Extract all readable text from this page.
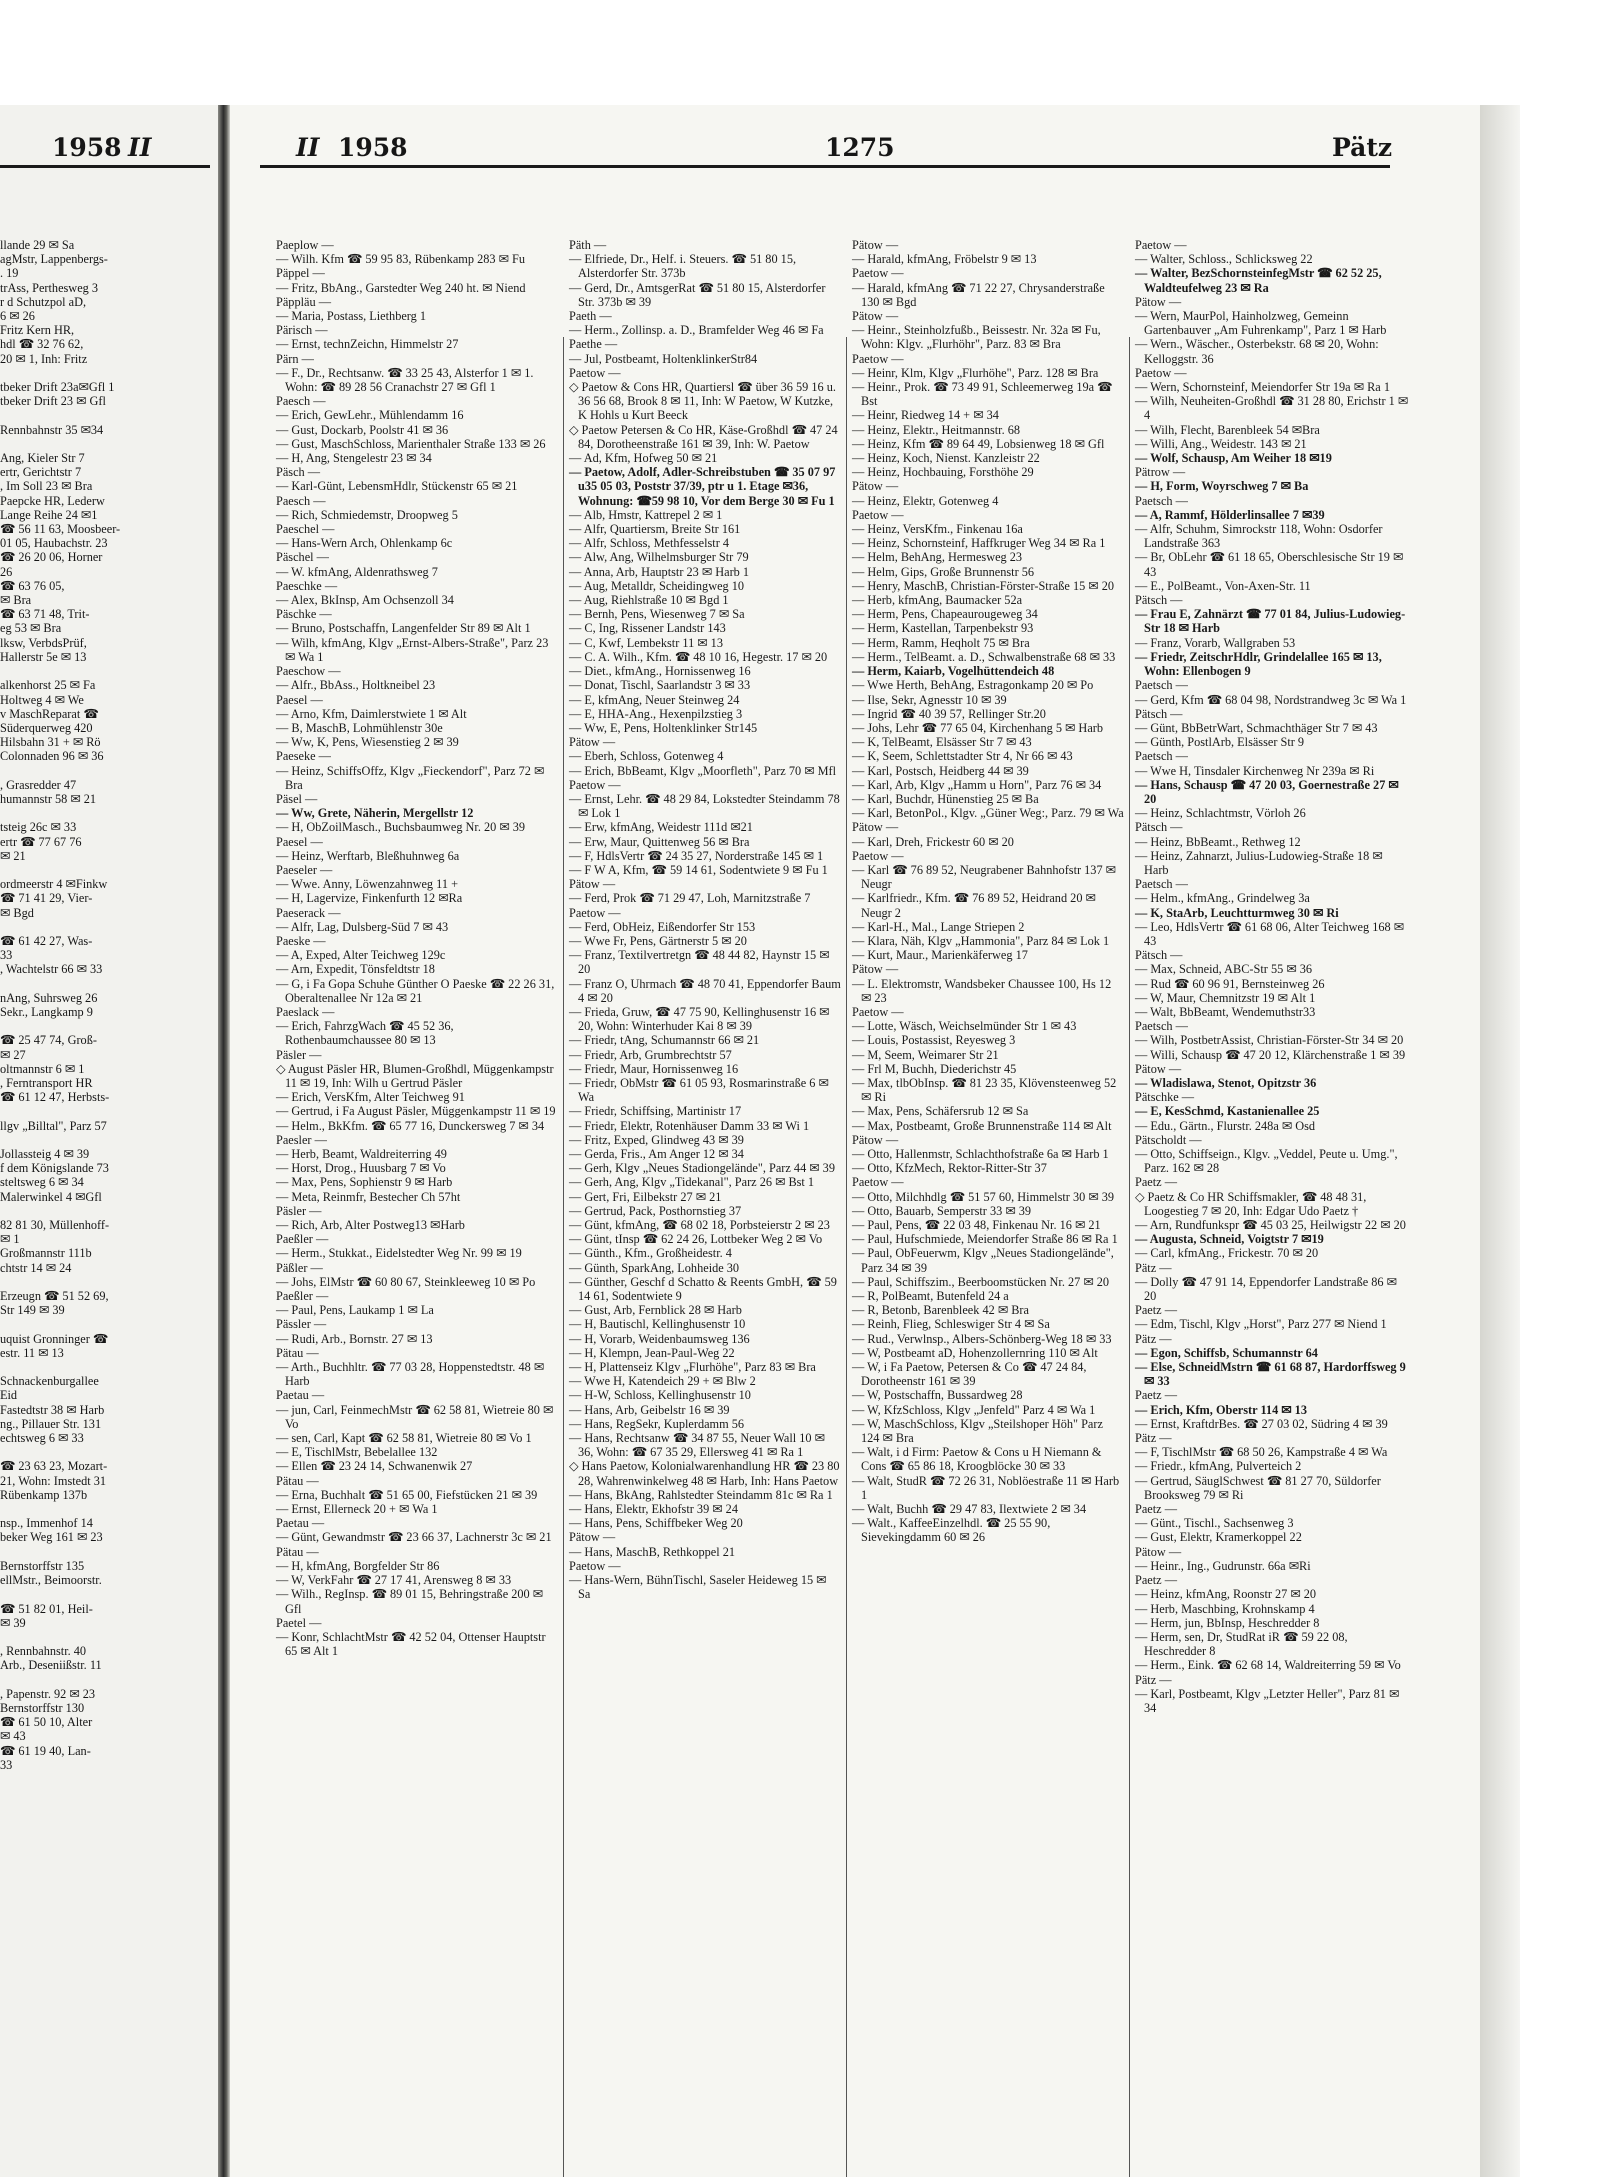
1958 II
llande 29 ✉ Sa
agMstr, Lappenbergs-
. 19
trAss, Perthesweg 3
r d Schutzpol aD,
6 ✉ 26
Fritz Kern HR,
hdl ☎ 32 76 62,
20 ✉ 1, Inh: Fritz

tbeker Drift 23a✉Gfl 1
tbeker Drift 23 ✉ Gfl

Rennbahnstr 35 ✉34

Ang, Kieler Str 7
ertr, Gerichtstr 7
, Im Soll 23 ✉ Bra
Paepcke HR, Lederw
Lange Reihe 24 ✉1
☎ 56 11 63, Moosbeer-
01 05, Haubachstr. 23
☎ 26 20 06, Horner
26
☎ 63 76 05,
✉ Bra
☎ 63 71 48, Trit-
eg 53 ✉ Bra
lksw, VerbdsPrüf,
Hallerstr 5e ✉ 13

alkenhorst 25 ✉ Fa
Holtweg 4 ✉ We
v MaschReparat ☎
Süderquerweg 420
Hilsbahn 31 + ✉ Rö
Colonnaden 96 ✉ 36

, Grasredder 47
humannstr 58 ✉ 21

tsteig 26c ✉ 33
ertr ☎ 77 67 76
✉ 21

ordmeerstr 4 ✉Finkw
☎ 71 41 29, Vier-
✉ Bgd

☎ 61 42 27, Was-
33
, Wachtelstr 66 ✉ 33

nAng, Suhrsweg 26
Sekr., Langkamp 9

☎ 25 47 74, Groß-
✉ 27
oltmannstr 6 ✉ 1
, Ferntransport HR
☎ 61 12 47, Herbsts-

llgv „Billtal", Parz 57

Jollassteig 4 ✉ 39
f dem Königslande 73
steltsweg 6 ✉ 34
Malerwinkel 4 ✉Gfl

82 81 30, Müllenhoff-
✉ 1
Großmannstr 111b
chtstr 14 ✉ 24

Erzeugn ☎ 51 52 69,
Str 149 ✉ 39

uquist Gronninger ☎
estr. 11 ✉ 13

Schnackenburgallee
Eid
Fastedtstr 38 ✉ Harb
ng., Pillauer Str. 131
echtsweg 6 ✉ 33

☎ 23 63 23, Mozart-
21, Wohn: Imstedt 31
Rübenkamp 137b

nsp., Immenhof 14
beker Weg 161 ✉ 23

Bernstorffstr 135
ellMstr., Beimoorstr.

☎ 51 82 01, Heil-
✉ 39

, Rennbahnstr. 40
Arb., Deseniißstr. 11

, Papenstr. 92 ✉ 23
Bernstorffstr 130
☎ 61 50 10, Alter
✉ 43
☎ 61 19 40, Lan-
33
II 1958	1275	Pätz
Paeplow —
— Wilh. Kfm ☎ 59 95 83, Rübenkamp 283 ✉ Fu
Päppel —
— Fritz, BbAng., Garstedter Weg 240 ht. ✉ Niend
Päppläu —
— Maria, Postass, Liethberg 1
Pärisch —
— Ernst, technZeichn, Himmelstr 27
Pärn —
— F., Dr., Rechtsanw. ☎ 33 25 43, Alsterfor 1 ✉ 1. Wohn: ☎ 89 28 56 Cranachstr 27 ✉ Gfl 1
Paesch —
— Erich, GewLehr., Mühlendamm 16
— Gust, Dockarb, Poolstr 41 ✉ 36
— Gust, MaschSchloss, Marienthaler Straße 133 ✉ 26
— H, Ang, Stengelestr 23 ✉ 34
Päsch —
— Karl-Günt, LebensmHdlr, Stückenstr 65 ✉ 21
Paesch —
— Rich, Schmiedemstr, Droopweg 5
Paeschel —
— Hans-Wern Arch, Ohlenkamp 6c
Päschel —
— W. kfmAng, Aldenrathsweg 7
Paeschke —
— Alex, BkInsp, Am Ochsenzoll 34
Päschke —
— Bruno, Postschaffn, Langenfelder Str 89 ✉ Alt 1
— Wilh, kfmAng, Klgv „Ernst-Albers-Straße", Parz 23 ✉ Wa 1
Paeschow —
— Alfr., BbAss., Holtkneibel 23
Paesel —
— Arno, Kfm, Daimlerstwiete 1 ✉ Alt
— B, MaschB, Lohmühlenstr 30e
— Ww, K, Pens, Wiesenstieg 2 ✉ 39
Paeseke —
— Heinz, SchiffsOffz, Klgv „Fieckendorf", Parz 72 ✉ Bra
Päsel —
— Ww, Grete, Näherin, Mergellstr 12
— H, ObZoilMasch., Buchsbaumweg Nr. 20 ✉ 39
Paesel —
— Heinz, Werftarb, Bleßhuhnweg 6a
Paeseler —
— Wwe. Anny, Löwenzahnweg 11 +
— H, Lagervize, Finkenfurth 12 ✉Ra
Paeserack —
— Alfr, Lag, Dulsberg-Süd 7 ✉ 43
Paeske —
— A, Exped, Alter Teichweg 129c
— Arn, Expedit, Tönsfeldtstr 18
— G, i Fa Gopa Schuhe Günther O Paeske ☎ 22 26 31, Oberaltenallee Nr 12a ✉ 21
Paeslack —
— Erich, FahrzgWach ☎ 45 52 36, Rothenbaumchaussee 80 ✉ 13
Päsler —
◇ August Päsler HR, Blumen-Großhdl, Müggenkampstr 11 ✉ 19, Inh: Wilh u Gertrud Päsler
— Erich, VersKfm, Alter Teichweg 91
— Gertrud, i Fa August Päsler, Müggenkampstr 11 ✉ 19
— Helm., BkKfm. ☎ 65 77 16, Dunckersweg 7 ✉ 34
Paesler —
— Herb, Beamt, Waldreiterring 49
— Horst, Drog., Huusbarg 7 ✉ Vo
— Max, Pens, Sophienstr 9 ✉ Harb
— Meta, Reinmfr, Bestecher Ch 57ht
Päsler —
— Rich, Arb, Alter Postweg13 ✉Harb
Paeßler —
— Herm., Stukkat., Eidelstedter Weg Nr. 99 ✉ 19
Päßler —
— Johs, ElMstr ☎ 60 80 67, Steinkleeweg 10 ✉ Po
Paeßler —
— Paul, Pens, Laukamp 1 ✉ La
Pässler —
— Rudi, Arb., Bornstr. 27 ✉ 13
Pätau —
— Arth., Buchhltr. ☎ 77 03 28, Hoppenstedtstr. 48 ✉ Harb
Paetau —
— jun, Carl, FeinmechMstr ☎ 62 58 81, Wietreie 80 ✉ Vo
— sen, Carl, Kapt ☎ 62 58 81, Wietreie 80 ✉ Vo 1
— E, TischlMstr, Bebelallee 132
— Ellen ☎ 23 24 14, Schwanenwik 27
Pätau —
— Erna, Buchhalt ☎ 51 65 00, Fiefstücken 21 ✉ 39
— Ernst, Ellerneck 20 + ✉ Wa 1
Paetau —
— Günt, Gewandmstr ☎ 23 66 37, Lachnerstr 3c ✉ 21
Pätau —
— H, kfmAng, Borgfelder Str 86
— W, VerkFahr ☎ 27 17 41, Arensweg 8 ✉ 33
— Wilh., RegInsp. ☎ 89 01 15, Behringstraße 200 ✉ Gfl
Paetel —
— Konr, SchlachtMstr ☎ 42 52 04, Ottenser Hauptstr 65 ✉ Alt 1
Päth —
— Elfriede, Dr., Helf. i. Steuers. ☎ 51 80 15, Alsterdorfer Str. 373b
— Gerd, Dr., AmtsgerRat ☎ 51 80 15, Alsterdorfer Str. 373b ✉ 39
Paeth —
— Herm., Zollinsp. a. D., Bramfelder Weg 46 ✉ Fa
Paethe —
— Jul, Postbeamt, HoltenklinkerStr84
Paetow —
◇ Paetow & Cons HR, Quartiersl ☎ über 36 59 16 u. 36 56 68, Brook 8 ✉ 11, Inh: W Paetow, W Kutzke, K Hohls u Kurt Beeck
◇ Paetow Petersen & Co HR, Käse-Großhdl ☎ 47 24 84, Dorotheenstraße 161 ✉ 39, Inh: W. Paetow
— Ad, Kfm, Hofweg 50 ✉ 21
— Paetow, Adolf, Adler-Schreibstuben ☎ 35 07 97 u35 05 03, Poststr 37/39, ptr u 1. Etage ✉36, Wohnung: ☎59 98 10, Vor dem Berge 30 ✉ Fu 1
— Alb, Hmstr, Kattrepel 2 ✉ 1
— Alfr, Quartiersm, Breite Str 161
— Alfr, Schloss, Methfesselstr 4
— Alw, Ang, Wilhelmsburger Str 79
— Anna, Arb, Hauptstr 23 ✉ Harb 1
— Aug, Metalldr, Scheidingweg 10
— Aug, Riehlstraße 10 ✉ Bgd 1
— Bernh, Pens, Wiesenweg 7 ✉ Sa
— C, Ing, Rissener Landstr 143
— C, Kwf, Lembekstr 11 ✉ 13
— C. A. Wilh., Kfm. ☎ 48 10 16, Hegestr. 17 ✉ 20
— Diet., kfmAng., Hornissenweg 16
— Donat, Tischl, Saarlandstr 3 ✉ 33
— E, kfmAng, Neuer Steinweg 24
— E, HHA-Ang., Hexenpilzstieg 3
— Ww, E, Pens, Holtenklinker Str145
Pätow —
— Eberh, Schloss, Gotenweg 4
— Erich, BbBeamt, Klgv „Moorfleth", Parz 70 ✉ Mfl
Paetow —
— Ernst, Lehr. ☎ 48 29 84, Lokstedter Steindamm 78 ✉ Lok 1
— Erw, kfmAng, Weidestr 111d ✉21
— Erw, Maur, Quittenweg 56 ✉ Bra
— F, HdlsVertr ☎ 24 35 27, Norderstraße 145 ✉ 1
— F W A, Kfm, ☎ 59 14 61, Sodentwiete 9 ✉ Fu 1
Pätow —
— Ferd, Prok ☎ 71 29 47, Loh, Marnitzstraße 7
Paetow —
— Ferd, ObHeiz, Eißendorfer Str 153
— Wwe Fr, Pens, Gärtnerstr 5 ✉ 20
— Franz, Textilvertretgn ☎ 48 44 82, Haynstr 15 ✉ 20
— Franz O, Uhrmach ☎ 48 70 41, Eppendorfer Baum 4 ✉ 20
— Frieda, Gruw, ☎ 47 75 90, Kellinghusenstr 16 ✉ 20, Wohn: Winterhuder Kai 8 ✉ 39
— Friedr, tAng, Schumannstr 66 ✉ 21
— Friedr, Arb, Grumbrechtstr 57
— Friedr, Maur, Hornissenweg 16
— Friedr, ObMstr ☎ 61 05 93, Rosmarinstraße 6 ✉ Wa
— Friedr, Schiffsing, Martinistr 17
— Friedr, Elektr, Rotenhäuser Damm 33 ✉ Wi 1
— Fritz, Exped, Glindweg 43 ✉ 39
— Gerda, Fris., Am Anger 12 ✉ 34
— Gerh, Klgv „Neues Stadiongelände", Parz 44 ✉ 39
— Gerh, Ang, Klgv „Tidekanal", Parz 26 ✉ Bst 1
— Gert, Fri, Eilbekstr 27 ✉ 21
— Gertrud, Pack, Posthornstieg 37
— Günt, kfmAng, ☎ 68 02 18, Porbsteierstr 2 ✉ 23
— Günt, tInsp ☎ 62 24 26, Lottbeker Weg 2 ✉ Vo
— Günth., Kfm., Großheidestr. 4
— Günth, SparkAng, Lohheide 30
— Günther, Geschf d Schatto & Reents GmbH, ☎ 59 14 61, Sodentwiete 9
— Gust, Arb, Fernblick 28 ✉ Harb
— H, Bautischl, Kellinghusenstr 10
— H, Vorarb, Weidenbaumsweg 136
— H, Klempn, Jean-Paul-Weg 22
— H, Plattenseiz Klgv „Flurhöhe", Parz 83 ✉ Bra
— Wwe H, Katendeich 29 + ✉ Blw 2
— H-W, Schloss, Kellinghusenstr 10
— Hans, Arb, Geibelstr 16 ✉ 39
— Hans, RegSekr, Kuplerdamm 56
— Hans, Rechtsanw ☎ 34 87 55, Neuer Wall 10 ✉ 36, Wohn: ☎ 67 35 29, Ellersweg 41 ✉ Ra 1
◇ Hans Paetow, Kolonialwarenhandlung HR ☎ 23 80 28, Wahrenwinkelweg 48 ✉ Harb, Inh: Hans Paetow
— Hans, BkAng, Rahlstedter Steindamm 81c ✉ Ra 1
— Hans, Elektr, Ekhofstr 39 ✉ 24
— Hans, Pens, Schiffbeker Weg 20
Pätow —
— Hans, MaschB, Rethkoppel 21
Paetow —
— Hans-Wern, BühnTischl, Saseler Heideweg 15 ✉ Sa
Pätow —
— Harald, kfmAng, Fröbelstr 9 ✉ 13
Paetow —
— Harald, kfmAng ☎ 71 22 27, Chrysanderstraße 130 ✉ Bgd
Pätow —
— Heinr., Steinholzfußb., Beissestr. Nr. 32a ✉ Fu, Wohn: Klgv. „Flurhöhr", Parz. 83 ✉ Bra
Paetow —
— Heinr, Klm, Klgv „Flurhöhe", Parz. 128 ✉ Bra
— Heinr., Prok. ☎ 73 49 91, Schleemerweg 19a ☎ Bst
— Heinr, Riedweg 14 + ✉ 34
— Heinz, Elektr., Heitmannstr. 68
— Heinz, Kfm ☎ 89 64 49, Lobsienweg 18 ✉ Gfl
— Heinz, Koch, Nienst. Kanzleistr 22
— Heinz, Hochbauing, Forsthöhe 29
Pätow —
— Heinz, Elektr, Gotenweg 4
Paetow —
— Heinz, VersKfm., Finkenau 16a
— Heinz, Schornsteinf, Haffkruger Weg 34 ✉ Ra 1
— Helm, BehAng, Hermesweg 23
— Helm, Gips, Große Brunnenstr 56
— Henry, MaschB, Christian-Förster-Straße 15 ✉ 20
— Herb, kfmAng, Baumacker 52a
— Herm, Pens, Chapeaurougeweg 34
— Herm, Kastellan, Tarpenbekstr 93
— Herm, Ramm, Heqholt 75 ✉ Bra
— Herm., TelBeamt. a. D., Schwalbenstraße 68 ✉ 33
— Herm, Kaiarb, Vogelhüttendeich 48
— Wwe Herth, BehAng, Estragonkamp 20 ✉ Po
— Ilse, Sekr, Agnesstr 10 ✉ 39
— Ingrid ☎ 40 39 57, Rellinger Str.20
— Johs, Lehr ☎ 77 65 04, Kirchenhang 5 ✉ Harb
— K, TelBeamt, Elsässer Str 7 ✉ 43
— K, Seem, Schlettstadter Str 4, Nr 66 ✉ 43
— Karl, Postsch, Heidberg 44 ✉ 39
— Karl, Arb, Klgv „Hamm u Horn", Parz 76 ✉ 34
— Karl, Buchdr, Hünenstieg 25 ✉ Ba
— Karl, BetonPol., Klgv. „Güner Weg:, Parz. 79 ✉ Wa
Pätow —
— Karl, Dreh, Frickestr 60 ✉ 20
Paetow —
— Karl ☎ 76 89 52, Neugrabener Bahnhofstr 137 ✉ Neugr
— Karlfriedr., Kfm. ☎ 76 89 52, Heidrand 20 ✉ Neugr 2
— Karl-H., Mal., Lange Striepen 2
— Klara, Näh, Klgv „Hammonia", Parz 84 ✉ Lok 1
— Kurt, Maur., Marienkäferweg 17
Pätow —
— L. Elektromstr, Wandsbeker Chaussee 100, Hs 12 ✉ 23
Paetow —
— Lotte, Wäsch, Weichselmünder Str 1 ✉ 43
— Louis, Postassist, Reyesweg 3
— M, Seem, Weimarer Str 21
— Frl M, Buchh, Diederichstr 45
— Max, tlbObInsp. ☎ 81 23 35, Klövensteenweg 52 ✉ Ri
— Max, Pens, Schäfersrub 12 ✉ Sa
— Max, Postbeamt, Große Brunnenstraße 114 ✉ Alt
Pätow —
— Otto, Hallenmstr, Schlachthofstraße 6a ✉ Harb 1
— Otto, KfzMech, Rektor-Ritter-Str 37
Paetow —
— Otto, Milchhdlg ☎ 51 57 60, Himmelstr 30 ✉ 39
— Otto, Bauarb, Semperstr 33 ✉ 39
— Paul, Pens, ☎ 22 03 48, Finkenau Nr. 16 ✉ 21
— Paul, Hufschmiede, Meiendorfer Straße 86 ✉ Ra 1
— Paul, ObFeuerwm, Klgv „Neues Stadiongelände", Parz 34 ✉ 39
— Paul, Schiffszim., Beerboomstücken Nr. 27 ✉ 20
— R, PolBeamt, Butenfeld 24 a
— R, Betonb, Barenbleek 42 ✉ Bra
— Reinh, Flieg, Schleswiger Str 4 ✉ Sa
— Rud., Verwlnsp., Albers-Schönberg-Weg 18 ✉ 33
— W, Postbeamt aD, Hohenzollernring 110 ✉ Alt
— W, i Fa Paetow, Petersen & Co ☎ 47 24 84, Dorotheenstr 161 ✉ 39
— W, Postschaffn, Bussardweg 28
— W, KfzSchloss, Klgv „Jenfeld" Parz 4 ✉ Wa 1
— W, MaschSchloss, Klgv „Steilshoper Höh" Parz 124 ✉ Bra
— Walt, i d Firm: Paetow & Cons u H Niemann & Cons ☎ 65 86 18, Kroogblöcke 30 ✉ 33
— Walt, StudR ☎ 72 26 31, Noblöestraße 11 ✉ Harb 1
— Walt, Buchh ☎ 29 47 83, Ilextwiete 2 ✉ 34
— Walt., KaffeeEinzelhdl. ☎ 25 55 90, Sievekingdamm 60 ✉ 26
Paetow —
— Walter, Schloss., Schlicksweg 22
— Walter, BezSchornsteinfegMstr ☎ 62 52 25, Waldteufelweg 23 ✉ Ra
Pätow —
— Wern, MaurPol, Hainholzweg, Gemeinn Gartenbauver „Am Fuhrenkamp", Parz 1 ✉ Harb
— Wern., Wäscher., Osterbekstr. 68 ✉ 20, Wohn: Kelloggstr. 36
Paetow —
— Wern, Schornsteinf, Meiendorfer Str 19a ✉ Ra 1
— Wilh, Neuheiten-Großhdl ☎ 31 28 80, Erichstr 1 ✉ 4
— Wilh, Flecht, Barenbleek 54 ✉Bra
— Willi, Ang., Weidestr. 143 ✉ 21
— Wolf, Schausp, Am Weiher 18 ✉19
Pätrow —
— H, Form, Woyrschweg 7 ✉ Ba
Paetsch —
— A, Rammf, Hölderlinsallee 7 ✉39
— Alfr, Schuhm, Simrockstr 118, Wohn: Osdorfer Landstraße 363
— Br, ObLehr ☎ 61 18 65, Oberschlesische Str 19 ✉ 43
— E., PolBeamt., Von-Axen-Str. 11
Pätsch —
— Frau E, Zahnärzt ☎ 77 01 84, Julius-Ludowieg-Str 18 ✉ Harb
— Franz, Vorarb, Wallgraben 53
— Friedr, ZeitschrHdlr, Grindelallee 165 ✉ 13, Wohn: Ellenbogen 9
Paetsch —
— Gerd, Kfm ☎ 68 04 98, Nordstrandweg 3c ✉ Wa 1
Pätsch —
— Günt, BbBetrWart, Schmachthäger Str 7 ✉ 43
— Günth, PostlArb, Elsässer Str 9
Paetsch —
— Wwe H, Tinsdaler Kirchenweg Nr 239a ✉ Ri
— Hans, Schausp ☎ 47 20 03, Goernestraße 27 ✉ 20
— Heinz, Schlachtmstr, Vörloh 26
Pätsch —
— Heinz, BbBeamt., Rethweg 12
— Heinz, Zahnarzt, Julius-Ludowieg-Straße 18 ✉ Harb
Paetsch —
— Helm., kfmAng., Grindelweg 3a
— K, StaArb, Leuchtturmweg 30 ✉ Ri
— Leo, HdlsVertr ☎ 61 68 06, Alter Teichweg 168 ✉ 43
Pätsch —
— Max, Schneid, ABC-Str 55 ✉ 36
— Rud ☎ 60 96 91, Bernsteinweg 26
— W, Maur, Chemnitzstr 19 ✉ Alt 1
— Walt, BbBeamt, Wendemuthstr33
Paetsch —
— Wilh, PostbetrAssist, Christian-Förster-Str 34 ✉ 20
— Willi, Schausp ☎ 47 20 12, Klärchenstraße 1 ✉ 39
Pätow —
— Wladislawa, Stenot, Opitzstr 36
Pätschke —
— E, KesSchmd, Kastanienallee 25
— Edu., Gärtn., Flurstr. 248a ✉ Osd
Pätscholdt —
— Otto, Schiffseign., Klgv. „Veddel, Peute u. Umg.", Parz. 162 ✉ 28
Paetz —
◇ Paetz & Co HR Schiffsmakler, ☎ 48 48 31, Loogestieg 7 ✉ 20, Inh: Edgar Udo Paetz †
— Arn, Rundfunkspr ☎ 45 03 25, Heilwigstr 22 ✉ 20
— Augusta, Schneid, Voigtstr 7 ✉19
— Carl, kfmAng., Frickestr. 70 ✉ 20
Pätz —
— Dolly ☎ 47 91 14, Eppendorfer Landstraße 86 ✉ 20
Paetz —
— Edm, Tischl, Klgv „Horst", Parz 277 ✉ Niend 1
Pätz —
— Egon, Schiffsb, Schumannstr 64
— Else, SchneidMstrn ☎ 61 68 87, Hardorffsweg 9 ✉ 33
Paetz —
— Erich, Kfm, Oberstr 114 ✉ 13
— Ernst, KraftdrBes. ☎ 27 03 02, Südring 4 ✉ 39
Pätz —
— F, TischlMstr ☎ 68 50 26, Kampstraße 4 ✉ Wa
— Friedr., kfmAng, Pulverteich 2
— Gertrud, SäuglSchwest ☎ 81 27 70, Süldorfer Brooksweg 79 ✉ Ri
Paetz —
— Günt., Tischl., Sachsenweg 3
— Gust, Elektr, Kramerkoppel 22
Pätow —
— Heinr., Ing., Gudrunstr. 66a ✉Ri
Paetz —
— Heinz, kfmAng, Roonstr 27 ✉ 20
— Herb, Maschbing, Krohnskamp 4
— Herm, jun, BbInsp, Heschredder 8
— Herm, sen, Dr, StudRat iR ☎ 59 22 08, Heschredder 8
— Herm., Eink. ☎ 62 68 14, Waldreiterring 59 ✉ Vo
Pätz —
— Karl, Postbeamt, Klgv „Letzter Heller", Parz 81 ✉ 34
